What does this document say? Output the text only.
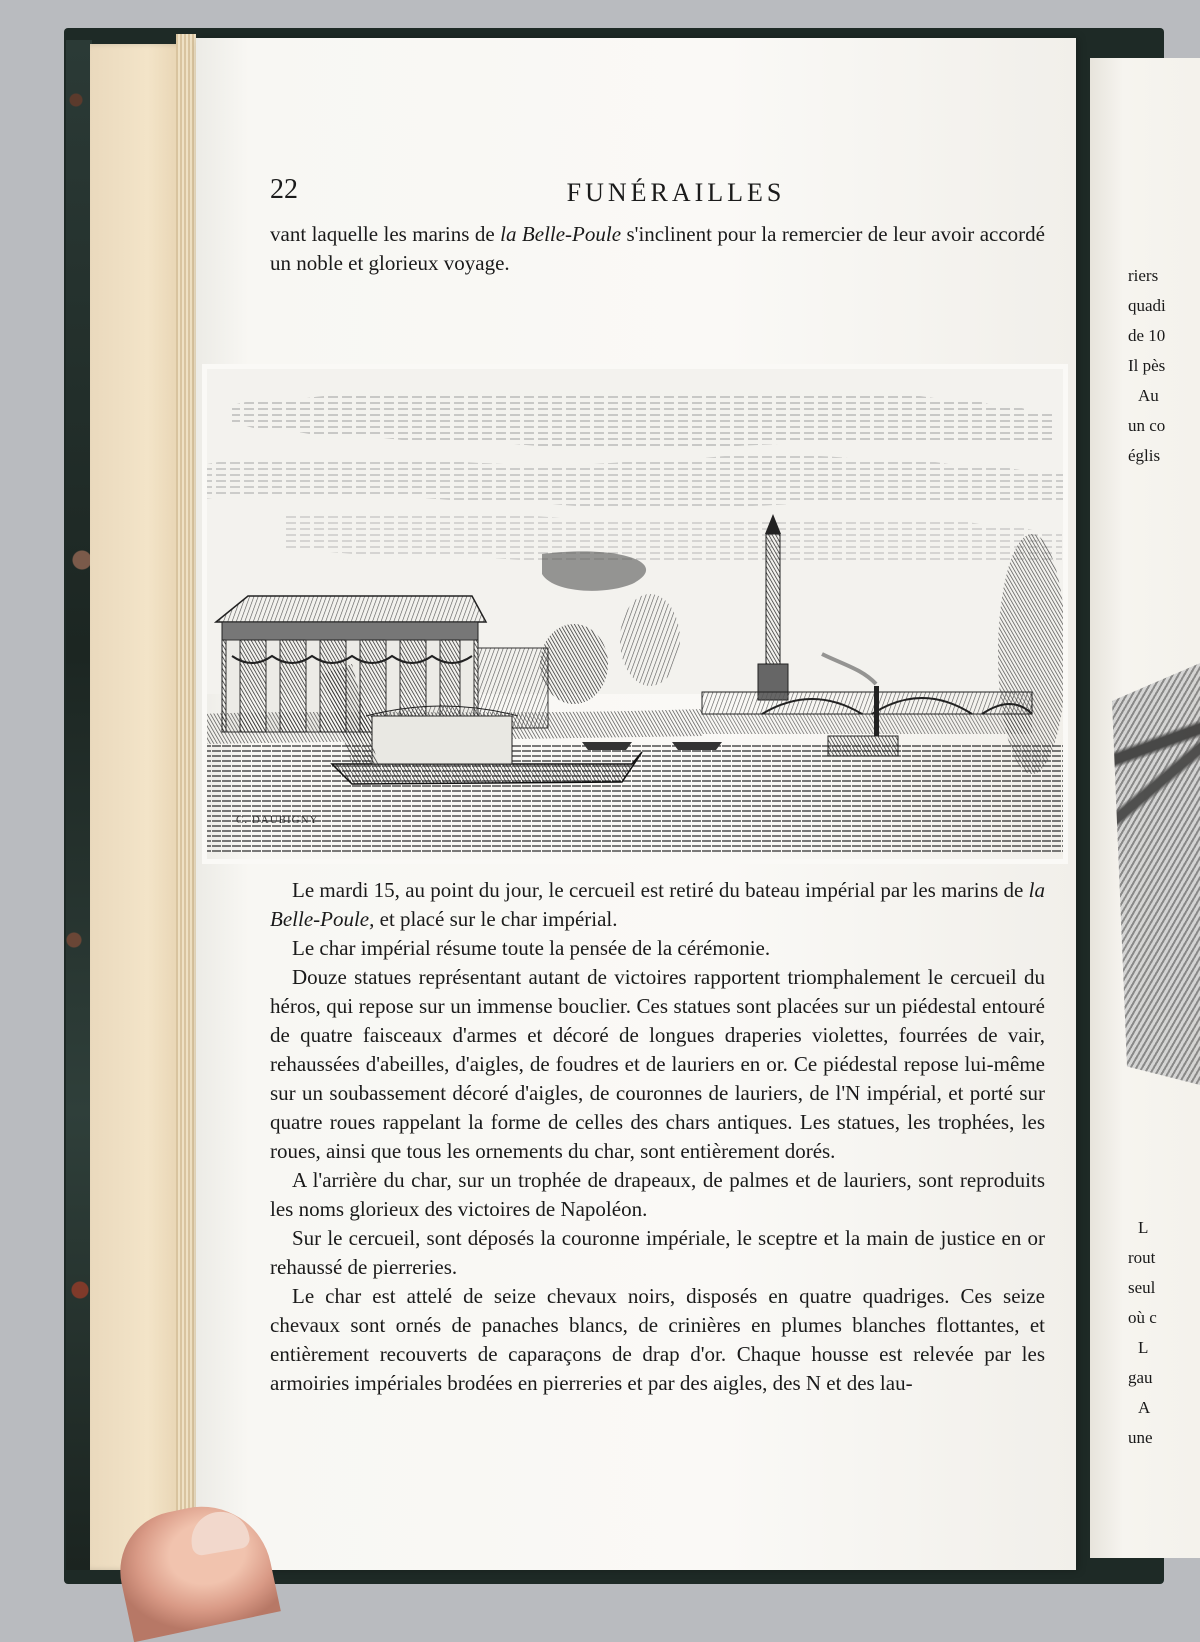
riers
quadi
de 10
Il pès
Au
un co
églis
L
rout
seul
où c
L
gau
A
une
22	FUNÉRAILLES

vant laquelle les marins de la Belle-Poule s'inclinent pour la remercier de leur avoir accordé un noble et glorieux voyage.

C. DAUBIGNY

Le mardi 15, au point du jour, le cercueil est retiré du bateau impérial par les marins de la Belle-Poule, et placé sur le char impérial.

Le char impérial résume toute la pensée de la cérémonie.

Douze statues représentant autant de victoires rapportent triomphalement le cercueil du héros, qui repose sur un immense bouclier. Ces statues sont placées sur un piédestal entouré de quatre faisceaux d'armes et décoré de longues draperies violettes, fourrées de vair, rehaussées d'abeilles, d'aigles, de foudres et de lauriers en or. Ce piédestal repose lui-même sur un soubassement décoré d'aigles, de couronnes de lauriers, de l'N impérial, et porté sur quatre roues rappelant la forme de celles des chars antiques. Les statues, les trophées, les roues, ainsi que tous les ornements du char, sont entièrement dorés.

A l'arrière du char, sur un trophée de drapeaux, de palmes et de lauriers, sont reproduits les noms glorieux des victoires de Napoléon.

Sur le cercueil, sont déposés la couronne impériale, le sceptre et la main de justice en or rehaussé de pierreries.

Le char est attelé de seize chevaux noirs, disposés en quatre quadriges. Ces seize chevaux sont ornés de panaches blancs, de crinières en plumes blanches flottantes, et entièrement recouverts de caparaçons de drap d'or. Chaque housse est relevée par les armoiries impériales brodées en pierreries et par des aigles, des N et des lau-
